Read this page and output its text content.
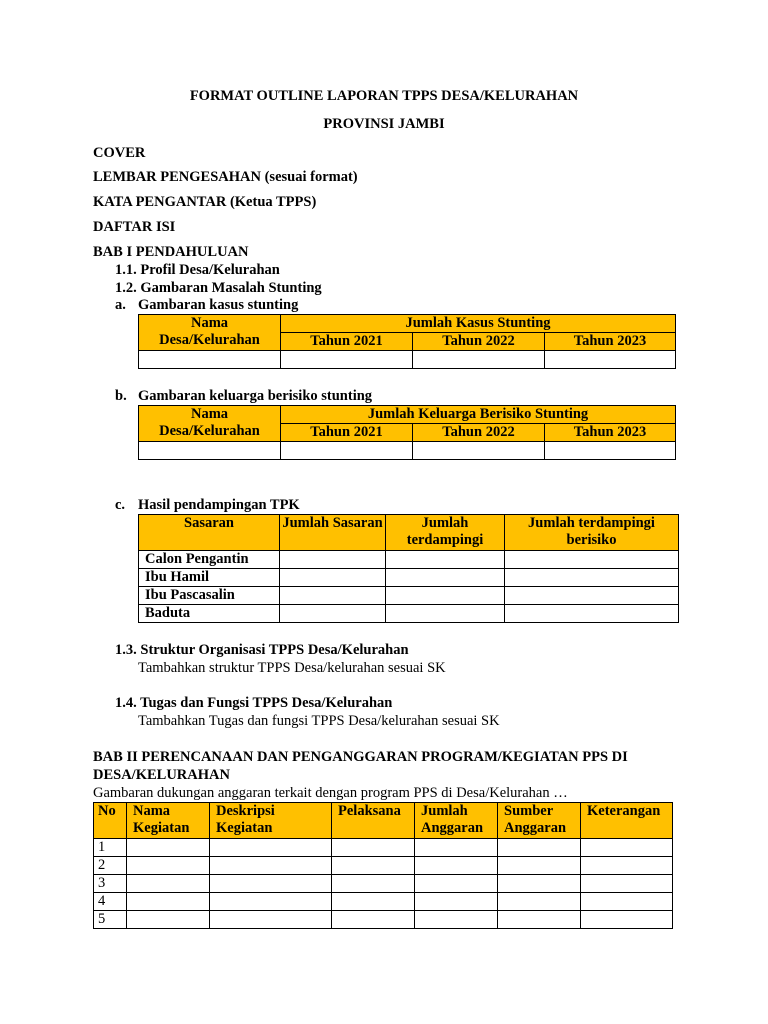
FORMAT OUTLINE LAPORAN TPPS DESA/KELURAHAN
PROVINSI JAMBI
COVER
LEMBAR PENGESAHAN (sesuai format)
KATA PENGANTAR (Ketua TPPS)
DAFTAR ISI
BAB I PENDAHULUAN
1.1. Profil Desa/Kelurahan
1.2. Gambaran Masalah Stunting
a. Gambaran kasus stunting
Nama Desa/Kelurahan	Jumlah Kasus Stunting		
	Tahun 2021	Tahun 2022	Tahun 2023

b. Gambaran keluarga berisiko stunting
Nama Desa/Kelurahan	Jumlah Keluarga Berisiko Stunting		
	Tahun 2021	Tahun 2022	Tahun 2023

c. Hasil pendampingan TPK
Sasaran	Jumlah Sasaran	Jumlah terdampingi	Jumlah terdampingi berisiko
Calon Pengantin			
Ibu Hamil			
Ibu Pascasalin			
Baduta			
1.3. Struktur Organisasi TPPS Desa/Kelurahan
Tambahkan struktur TPPS Desa/kelurahan sesuai SK
1.4. Tugas dan Fungsi TPPS Desa/Kelurahan
Tambahkan Tugas dan fungsi TPPS Desa/kelurahan sesuai SK
BAB II PERENCANAAN DAN PENGANGGARAN PROGRAM/KEGIATAN PPS DI
DESA/KELURAHAN
Gambaran dukungan anggaran terkait dengan program PPS di Desa/Kelurahan …
No	Nama Kegiatan	Deskripsi Kegiatan	Pelaksana	Jumlah Anggaran	Sumber Anggaran	Keterangan
1						
2						
3						
4						
5						
